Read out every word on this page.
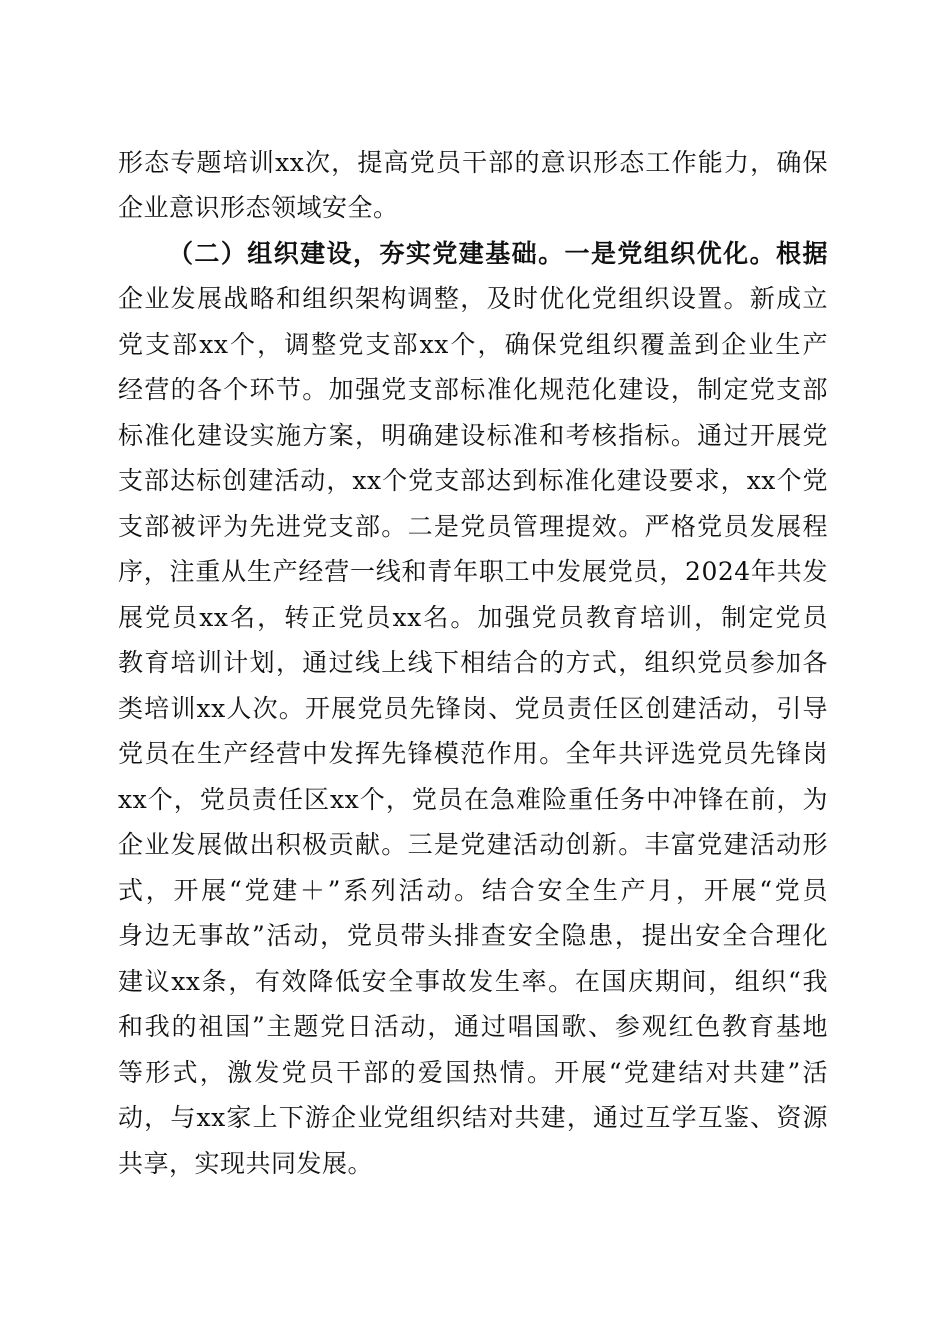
形态专题培训xx次，提高党员干部的意识形态工作能力，确保
企业意识形态领域安全。
（二）组织建设，夯实党建基础。一是党组织优化。根据
企业发展战略和组织架构调整，及时优化党组织设置。新成立
党支部xx个，调整党支部xx个，确保党组织覆盖到企业生产
经营的各个环节。加强党支部标准化规范化建设，制定党支部
标准化建设实施方案，明确建设标准和考核指标。通过开展党
支部达标创建活动，xx个党支部达到标准化建设要求，xx个党
支部被评为先进党支部。二是党员管理提效。严格党员发展程
序，注重从生产经营一线和青年职工中发展党员，2024年共发
展党员xx名，转正党员xx名。加强党员教育培训，制定党员
教育培训计划，通过线上线下相结合的方式，组织党员参加各
类培训xx人次。开展党员先锋岗、党员责任区创建活动，引导
党员在生产经营中发挥先锋模范作用。全年共评选党员先锋岗
xx个，党员责任区xx个，党员在急难险重任务中冲锋在前，为
企业发展做出积极贡献。三是党建活动创新。丰富党建活动形
式，开展“党建＋”系列活动。结合安全生产月，开展“党员
身边无事故”活动，党员带头排查安全隐患，提出安全合理化
建议xx条，有效降低安全事故发生率。在国庆期间，组织“我
和我的祖国”主题党日活动，通过唱国歌、参观红色教育基地
等形式，激发党员干部的爱国热情。开展“党建结对共建”活
动，与xx家上下游企业党组织结对共建，通过互学互鉴、资源
共享，实现共同发展。
